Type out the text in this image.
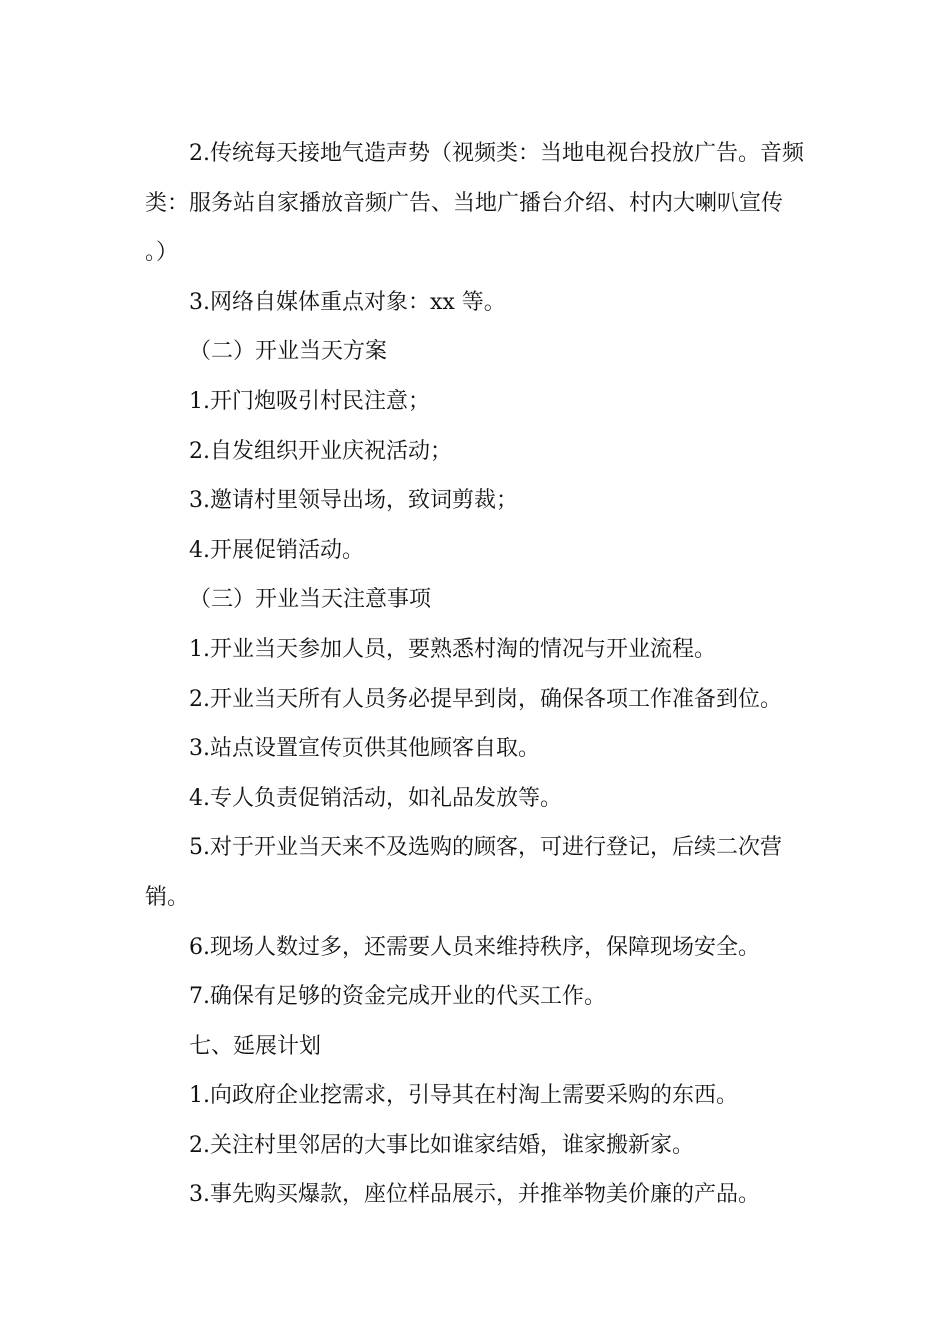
2.传统每天接地气造声势（视频类：当地电视台投放广告。音频类：服务站自家播放音频广告、当地广播台介绍、村内大喇叭宣传 。）

3.网络自媒体重点对象：xx 等。

（二）开业当天方案

1.开门炮吸引村民注意；

2.自发组织开业庆祝活动；

3.邀请村里领导出场，致词剪裁；

4.开展促销活动。

（三）开业当天注意事项

1.开业当天参加人员，要熟悉村淘的情况与开业流程。

2.开业当天所有人员务必提早到岗，确保各项工作准备到位。

3.站点设置宣传页供其他顾客自取。

4.专人负责促销活动，如礼品发放等。

5.对于开业当天来不及选购的顾客，可进行登记，后续二次营销。

6.现场人数过多，还需要人员来维持秩序，保障现场安全。

7.确保有足够的资金完成开业的代买工作。

七、延展计划

1.向政府企业挖需求，引导其在村淘上需要采购的东西。

2.关注村里邻居的大事比如谁家结婚，谁家搬新家。

3.事先购买爆款，座位样品展示，并推举物美价廉的产品。
